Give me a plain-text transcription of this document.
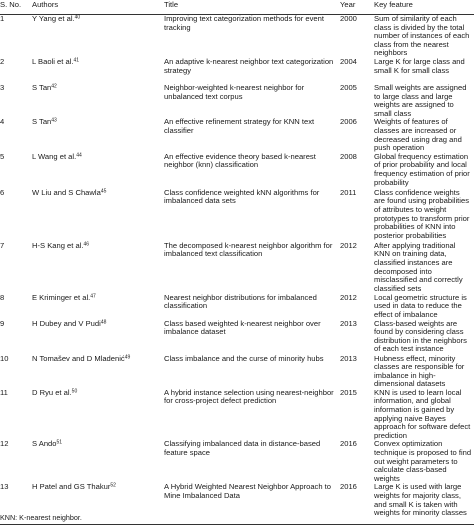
S. No.	Authors	Title	Year	Key feature
1	Y Yang et al.$^{40}$	Improving text categorization methods for event tracking	2000	Sum of similarity of each class is divided by the total number of instances of each class from the nearest neighbors
2	L Baoli et al.$^{41}$	An adaptive k-nearest neighbor text categorization strategy	2004	Large K for large class and small K for small class
3	S Tan$^{42}$	Neighbor-weighted k-nearest neighbor for unbalanced text corpus	2005	Small weights are assigned to large class and large weights are assigned to small class
4	S Tan$^{43}$	An effective refinement strategy for KNN text classifier	2006	Weights of features of classes are increased or decreased using drag and push operation
5	L Wang et al.$^{44}$	An effective evidence theory based k-nearest neighbor (knn) classification	2008	Global frequency estimation of prior probability and local frequency estimation of prior probability
6	W Liu and S Chawla$^{45}$	Class confidence weighted kNN algorithms for imbalanced data sets	2011	Class confidence weights are found using probabilities of attributes to weight prototypes to transform prior probabilities of KNN into posterior probabilities
7	H-S Kang et al.$^{46}$	The decomposed k-nearest neighbor algorithm for imbalanced text classification	2012	After applying traditional KNN on training data, classified instances are decomposed into misclassified and correctly classified sets
8	E Kriminger et al.$^{47}$	Nearest neighbor distributions for imbalanced classification	2012	Local geometric structure is used in data to reduce the effect of imbalance
9	H Dubey and V Pudi$^{48}$	Class based weighted k-nearest neighbor over imbalance dataset	2013	Class-based weights are found by considering class distribution in the neighbors of each test instance
10	N Tomašev and D Mladenić$^{49}$	Class imbalance and the curse of minority hubs	2013	Hubness effect, minority classes are responsible for imbalance in high-dimensional datasets
11	D Ryu et al.$^{50}$	A hybrid instance selection using nearest-neighbor for cross-project defect prediction	2015	KNN is used to learn local information, and global information is gained by applying naive Bayes approach for software defect prediction
12	S Ando$^{51}$	Classifying imbalanced data in distance-based feature space	2016	Convex optimization technique is proposed to find out weight parameters to calculate class-based weights
13	H Patel and GS Thakur$^{52}$	A Hybrid Weighted Nearest Neighbor Approach to Mine Imbalanced Data	2016	Large K is used with large weights for majority class, and small K is taken with weights for minority classes
KNN: K-nearest neighbor.
